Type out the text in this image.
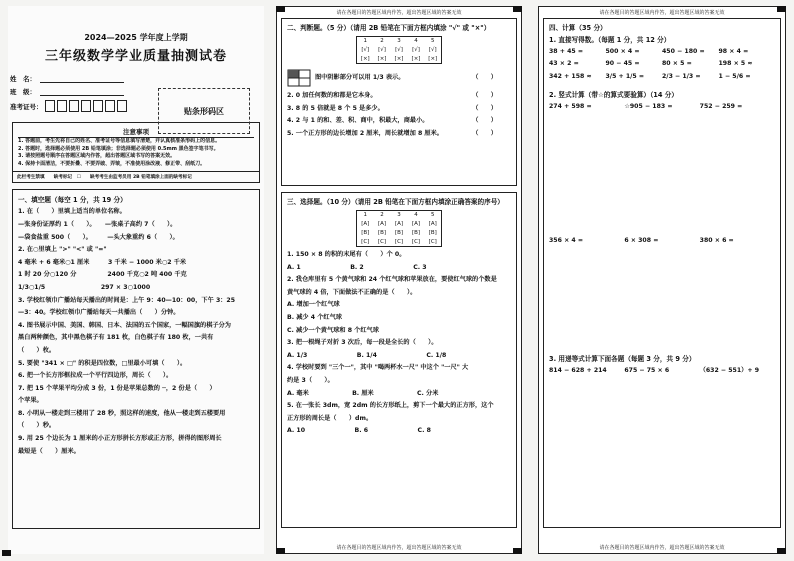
2024—2025 学年度上学期
三年级数学学业质量抽测试卷
姓　名：
班　级：
准考证号：	贴条形码区
注意事项
1. 答题前，考生先将自己的姓名、准考证号等信息填写清楚，并认真核准条形码上的信息。
2. 答题时，选择题必须使用 2B 铅笔填涂；非选择题必须使用 0.5mm 黑色签字笔书写。
3. 请按照题号顺序在答题区域内作答，超出答题区域书写的答案无效。
4. 保持卡面清洁，不要折叠、不要弄破、弄皱，不准使用涂改液、修正带、刮纸刀。
此栏考生禁填　　缺考标记　☐　　缺考考生由监考员用 2B 铅笔填涂上面的缺考标记
一、填空题（每空 1 分，共 19 分）
1. 在（　　）里填上适当的单位名称。
—张身份证厚约 1（　　）。　　—张桌子高约 7（　　）。
—袋食盐重 500（　　）。　　　—头大象重约 6（　　）。
2. 在○里填上 ">" "<" 或 "="
4 毫米 + 6 毫米○1 厘米　　　3 千米 − 1000 米○2 千米
1 时 20 分○120 分　　　　　2400 千克○2 吨 400 千克
1/3○1/5　　　　　　　　　297 × 3○1000
3. 学校红领巾广播站每天播出的时间是：上午 9：40—10：00，下午 3：25
—3：40。学校红领巾广播站每天一共播出（　　）分钟。
4. 图书展示中国、美国、韩国、日本、法国的五个国家，一幅国旗的棋子分为
黑白两种颜色，其中黑色棋子有 181 枚，白色棋子有 180 枚，一共有
（　　）枚。
5. 要使 "341 × □" 的积是四位数，□里最小可填（　　）。
6. 把一个长方形框拉成一个平行四边形，周长（　　）。
7. 把 15 个苹果平均分成 3 份，1 份是苹果总数的 ─，2 份是（　　）
个苹果。
8. 小明从一楼走到三楼用了 28 秒，照这样的速度，他从一楼走到五楼要用
（　　）秒。
9. 用 25 个边长为 1 厘米的小正方形拼长方形或正方形，拼得的图形周长
最短是（　　）厘米。
请在各题目的答题区域内作答，超出答题区域的答案无效
二、判断题。（5 分）（请用 2B 铅笔在下面方框内填涂 "√" 或 "×"）
1	2	3	4	5
[√]	[√]	[√]	[√]	[√]
[×]	[×]	[×]	[×]	[×]
图中阴影部分可以用 1/3 表示。	（　　）
2. 0 加任何数的和都是它本身。	（　　）
3. 8 的 5 倍就是 8 个 5 是多少。	（　　）
4. 2 与 1 的和、差、积、商中，积最大，商最小。	（　　）
5. 一个正方形的边长增加 2 厘米，周长就增加 8 厘米。	（　　）
三、选择题。（10 分）（请用 2B 铅笔在下面方框内填涂正确答案的序号）
1	2	3	4	5
[A]	[A]	[A]	[A]	[A]
[B]	[B]	[B]	[B]	[B]
[C]	[C]	[C]	[C]	[C]
1. 150 × 8 的积的末尾有（　　）个 0。
A. 1　　　　　　　　B. 2　　　　　　　　C. 3
2. 我仓库里有 5 个黄气球和 24 个红气球和苹果放在，要使红气球的个数是
黄气球的 4 倍，下面做法不正确的是（　　）。
A. 增加一个红气球
B. 减少 4 个红气球
C. 减少一个黄气球和 8 个红气球
3. 把一根绳子对折 3 次后，每一段是全长的（　　）。
A. 1/3　　　　　　　　B. 1/4　　　　　　　　C. 1/8
4. 学校时要到 "三个一"，其中 "喝两杯水一尺" 中这个 "一尺" 大
约是 3（　　）。
A. 毫米　　　　　　　B. 厘米　　　　　　　C. 分米
5. 在一张长 3dm，宽 2dm 的长方形纸上，剪下一个最大的正方形，这个
正方形的周长是（　　）dm。
A. 10　　　　　　　　B. 6　　　　　　　　C. 8
请在各题目的答题区域内作答，超出答题区域的答案无效
请在各题目的答题区域内作答，超出答题区域的答案无效
四、计算（35 分）
1. 直接写得数。（每题 1 分，共 12 分）
38 + 45 =	500 × 4 =	450 − 180 =	98 × 4 =
43 × 2 =	90 − 45 =	80 × 5 =	198 × 5 ≈
342 + 158 ≈	3/5 + 1/5 =	2/3 − 1/3 =	1 − 5/6 =
2. 竖式计算（带☆的算式要验算）（14 分）
274 + 598 =	☆905 − 183 =	752 − 259 =
356 × 4 =	6 × 308 =	380 × 6 =
3. 用递等式计算下面各题（每题 3 分，共 9 分）
814 − 628 + 214	675 − 75 × 6	（632 − 551）+ 9
请在各题目的答题区域内作答，超出答题区域的答案无效
